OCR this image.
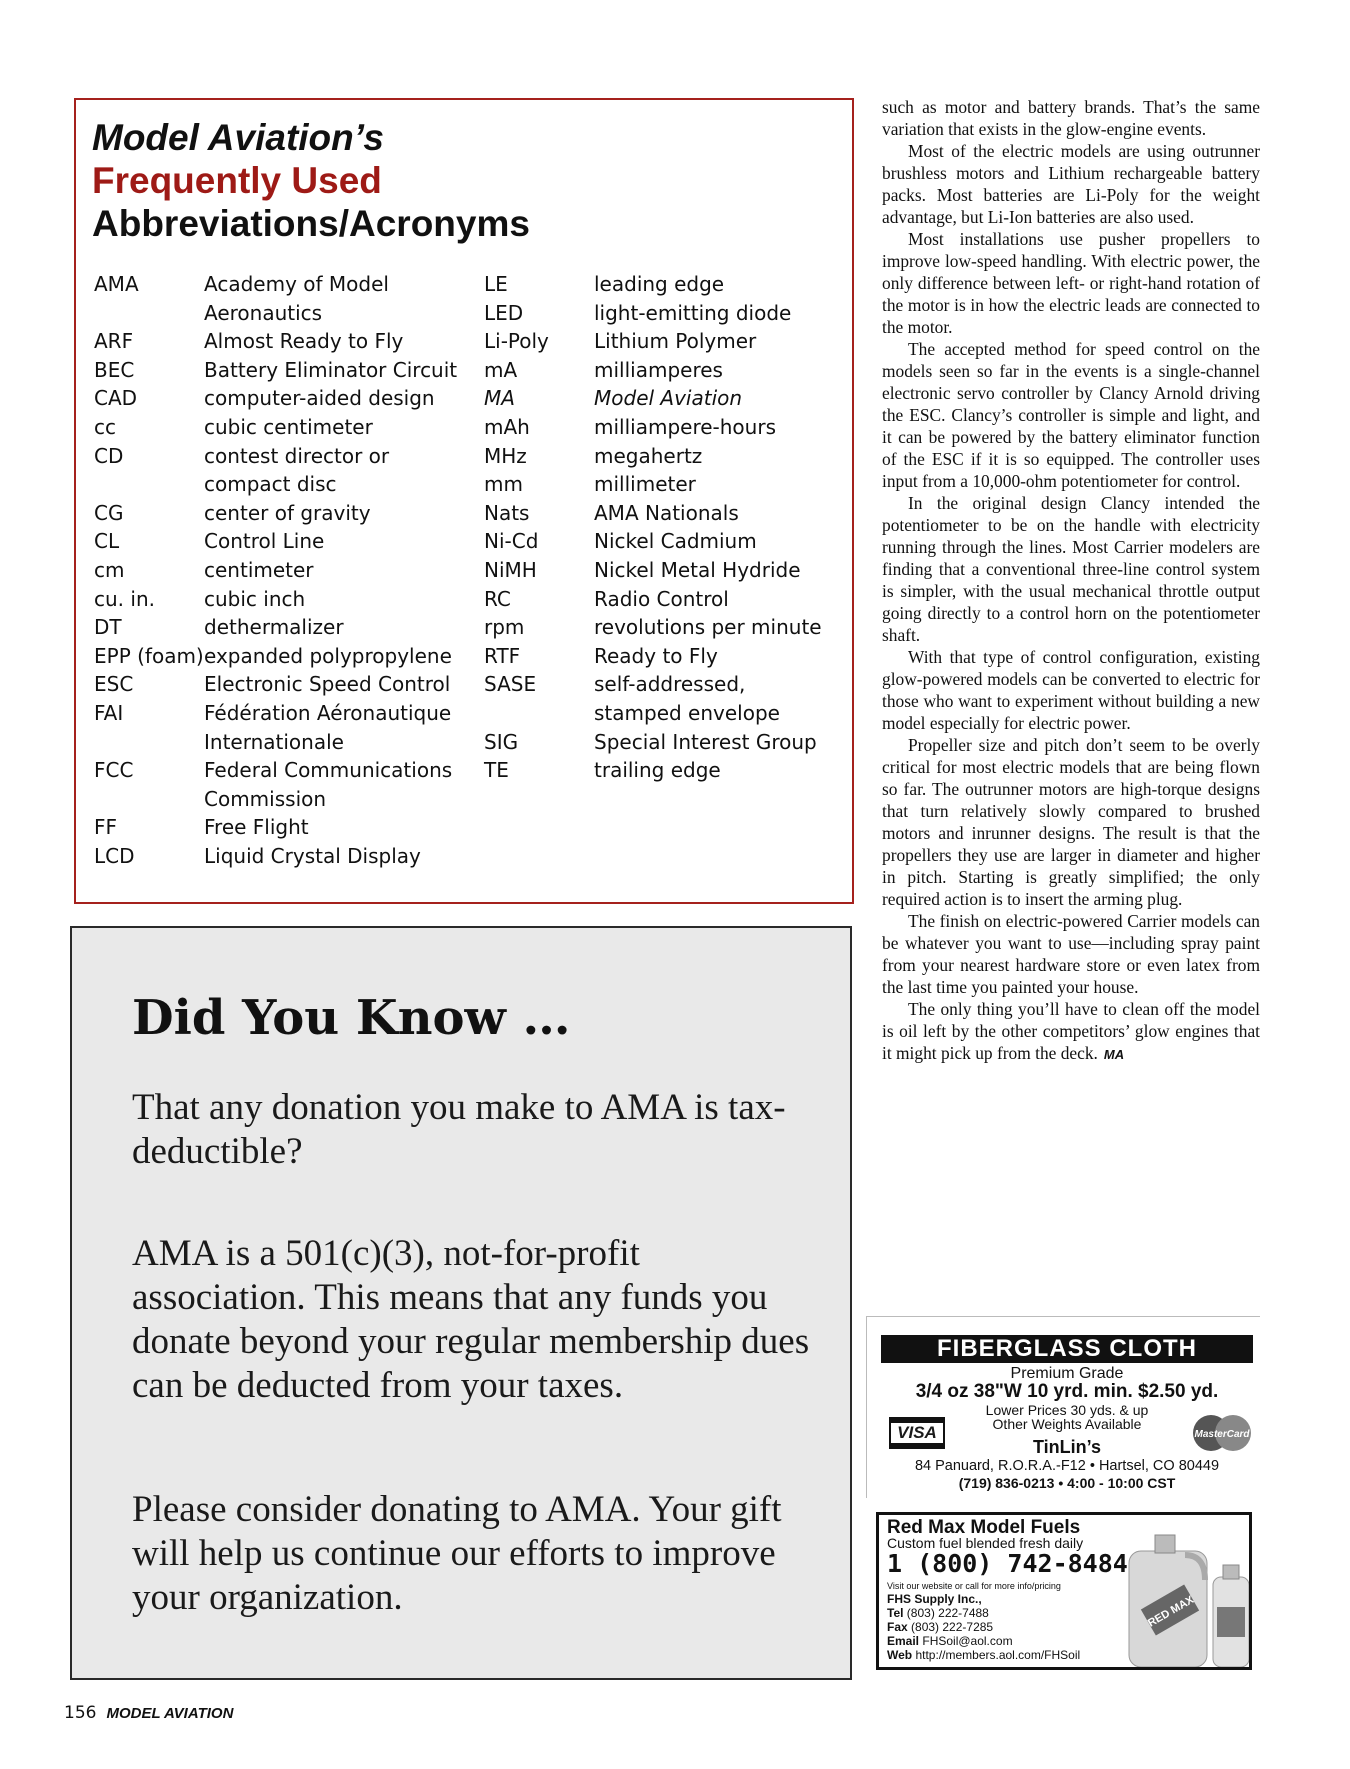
Model Aviation’s
Frequently Used
Abbreviations/Acronyms
AMA	Academy of Model Aeronautics
ARF	Almost Ready to Fly
BEC	Battery Eliminator Circuit
CAD	computer-aided design
cc	cubic centimeter
CD	contest director or compact disc
CG	center of gravity
CL	Control Line
cm	centimeter
cu. in. cubic inch
DT	dethermalizer
EPP (foam) expanded polypropylene
ESC	Electronic Speed Control
FAI	Fédération Aéronautique Internationale
FCC	Federal Communications Commission
FF	Free Flight
LCD	Liquid Crystal Display
LE	leading edge
LED	light-emitting diode
Li-Poly Lithium Polymer
mA	milliamperes
MA	Model Aviation
mAh	milliampere-hours
MHz	megahertz
mm	millimeter
Nats	AMA Nationals
Ni-Cd	Nickel Cadmium
NiMH	Nickel Metal Hydride
RC	Radio Control
rpm	revolutions per minute
RTF	Ready to Fly
SASE	self-addressed, stamped envelope
SIG	Special Interest Group
TE	trailing edge
Did You Know …
That any donation you make to AMA is tax-deductible?
AMA is a 501(c)(3), not-for-profit association. This means that any funds you donate beyond your regular membership dues can be deducted from your taxes.
Please consider donating to AMA. Your gift will help us continue our efforts to improve your organization.

such as motor and battery brands. That’s the same variation that exists in the glow-engine events.

Most of the electric models are using outrunner brushless motors and Lithium rechargeable battery packs. Most batteries are Li-Poly for the weight advantage, but Li-Ion batteries are also used.

Most installations use pusher propellers to improve low-speed handling. With electric power, the only difference between left- or right-hand rotation of the motor is in how the electric leads are connected to the motor.

The accepted method for speed control on the models seen so far in the events is a single-channel electronic servo controller by Clancy Arnold driving the ESC. Clancy’s controller is simple and light, and it can be powered by the battery eliminator function of the ESC if it is so equipped. The controller uses input from a 10,000-ohm potentiometer for control.

In the original design Clancy intended the potentiometer to be on the handle with electricity running through the lines. Most Carrier modelers are finding that a conventional three-line control system is simpler, with the usual mechanical throttle output going directly to a control horn on the potentiometer shaft.

With that type of control configuration, existing glow-powered models can be converted to electric for those who want to experiment without building a new model especially for electric power.

Propeller size and pitch don’t seem to be overly critical for most electric models that are being flown so far. The outrunner motors are high-torque designs that turn relatively slowly compared to brushed motors and inrunner designs. The result is that the propellers they use are larger in diameter and higher in pitch. Starting is greatly simplified; the only required action is to insert the arming plug.

The finish on electric-powered Carrier models can be whatever you want to use—including spray paint from your nearest hardware store or even latex from the last time you painted your house.

The only thing you’ll have to clean off the model is oil left by the other competitors’ glow engines that it might pick up from the deck. MA

FIBERGLASS CLOTH
Premium Grade
3/4 oz 38"W 10 yrd. min. $2.50 yd.
Lower Prices 30 yds. & up
Other Weights Available
VISA	MasterCard
TinLin’s
84 Panuard, R.O.R.A.-F12 • Hartsel, CO 80449
(719) 836-0213 • 4:00 - 10:00 CST
Red Max Model Fuels
Custom fuel blended fresh daily
1 (800) 742-8484
Visit our website or call for more info/pricing
FHS Supply Inc.,
Tel (803) 222-7488
Fax (803) 222-7285
Email FHSoil@aol.com
Web http://members.aol.com/FHSoil
RED MAX
156 MODEL AVIATION
